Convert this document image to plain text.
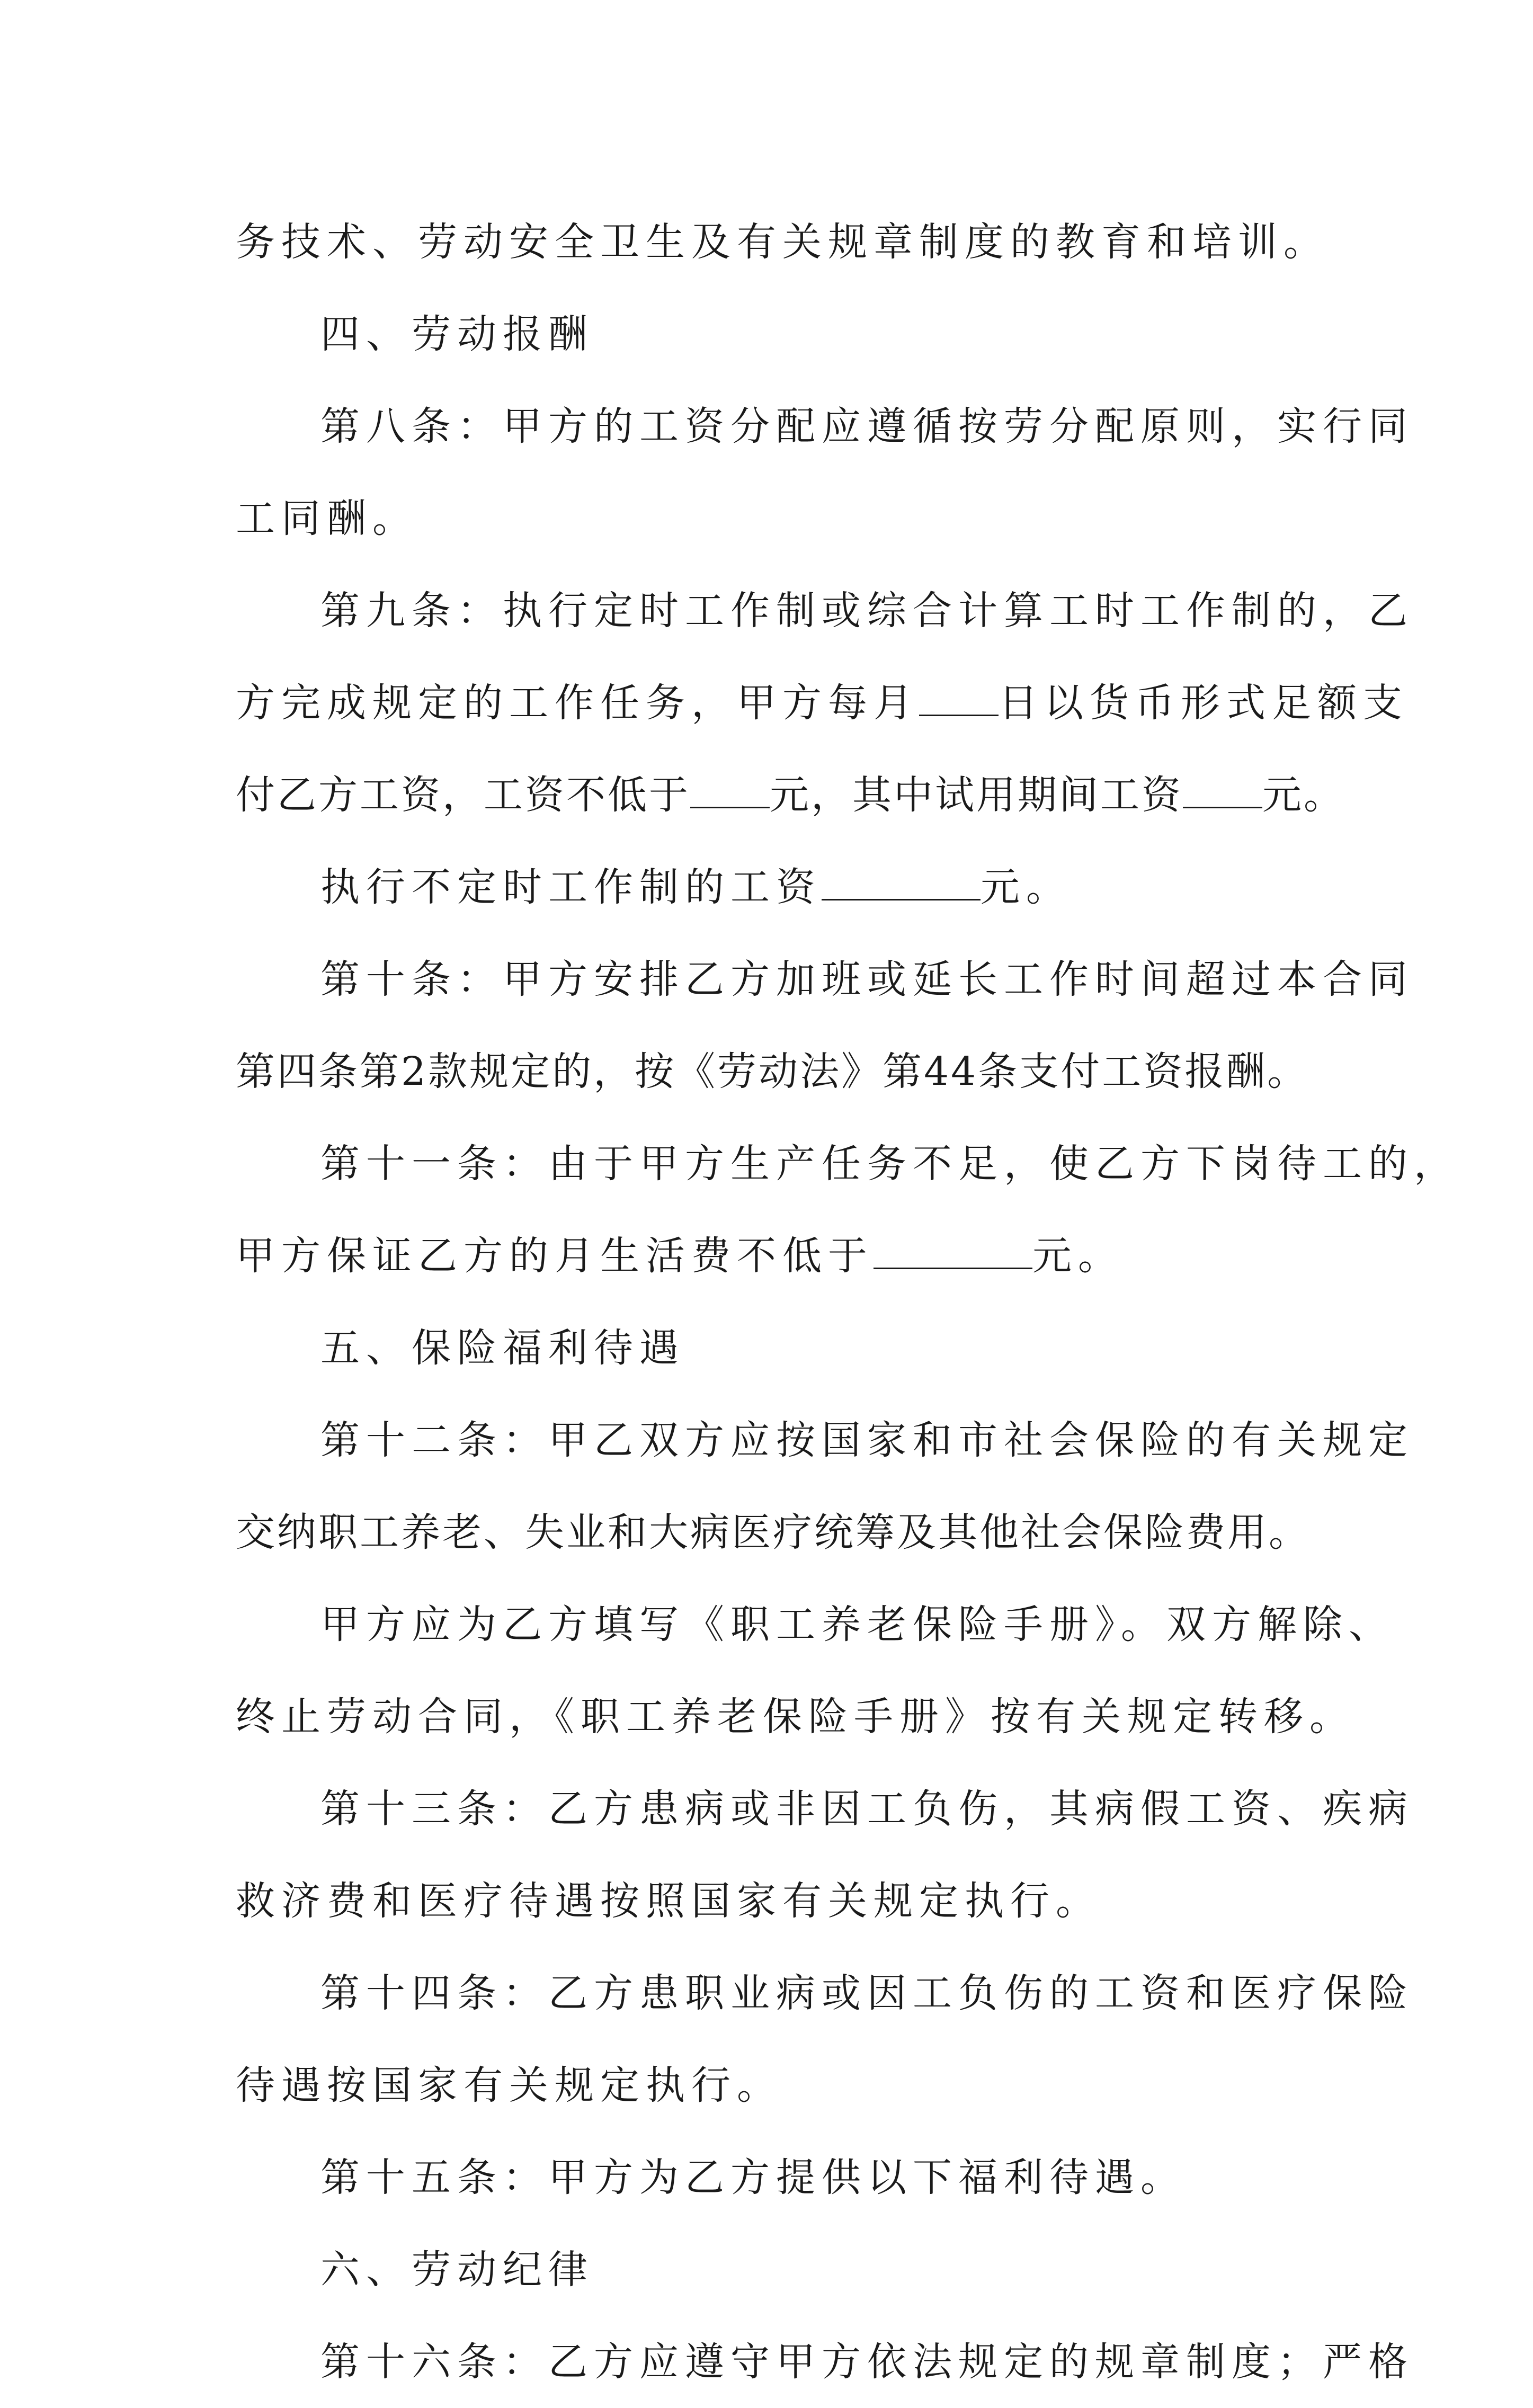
务技术、劳动安全卫生及有关规章制度的教育和培训。
四、劳动报酬
第八条：甲方的工资分配应遵循按劳分配原则，实行同
工同酬。
第九条：执行定时工作制或综合计算工时工作制的，乙
方完成规定的工作任务，甲方每月 日以货币形式足额支
付乙方工资，工资不低于 元，其中试用期间工资 元。
执行不定时工作制的工资	元。
第十条：甲方安排乙方加班或延长工作时间超过本合同
第四条第2款规定的，按《劳动法》第44条支付工资报酬。
第十一条：由于甲方生产任务不足，使乙方下岗待工的，
甲方保证乙方的月生活费不低于	元。
五、保险福利待遇
第十二条：甲乙双方应按国家和市社会保险的有关规定
交纳职工养老、失业和大病医疗统筹及其他社会保险费用。
甲方应为乙方填写《职工养老保险手册》。双方解除、
终止劳动合同，《职工养老保险手册》按有关规定转移。
第十三条：乙方患病或非因工负伤，其病假工资、疾病
救济费和医疗待遇按照国家有关规定执行。
第十四条：乙方患职业病或因工负伤的工资和医疗保险
待遇按国家有关规定执行。
第十五条：甲方为乙方提供以下福利待遇。
六、劳动纪律
第十六条：乙方应遵守甲方依法规定的规章制度；严格
